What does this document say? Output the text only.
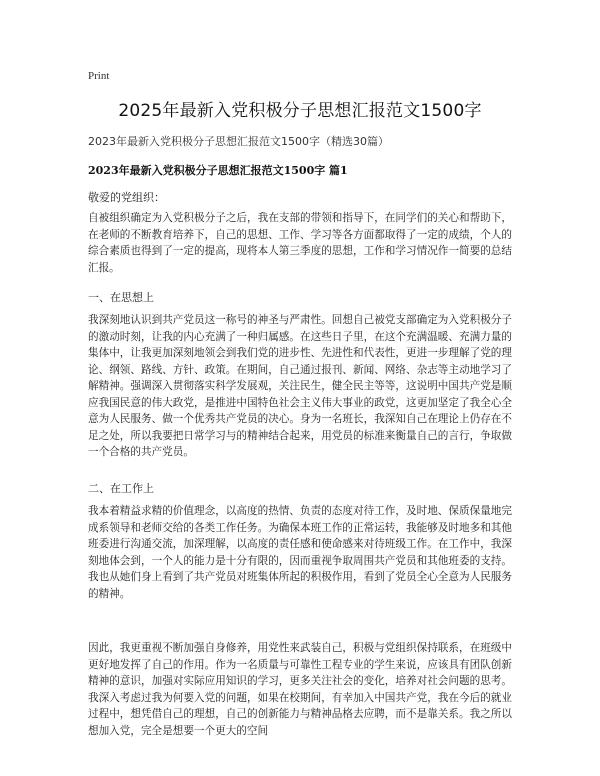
Print
2025年最新入党积极分子思想汇报范文1500字
2023年最新入党积极分子思想汇报范文1500字（精选30篇）
2023年最新入党积极分子思想汇报范文1500字 篇1
敬爱的党组织：

自被组织确定为入党积极分子之后，我在支部的带领和指导下，在同学们的关心和帮助下，在老师的不断教育培养下，自己的思想、工作、学习等各方面都取得了一定的成绩，个人的综合素质也得到了一定的提高，现将本人第三季度的思想，工作和学习情况作一简要的总结汇报。

一、在思想上

我深刻地认识到共产党员这一称号的神圣与严肃性。回想自己被党支部确定为入党积极分子的激动时刻，让我的内心充满了一种归属感。在这些日子里，在这个充满温暖、充满力量的集体中，让我更加深刻地领会到我们党的进步性、先进性和代表性，更进一步理解了党的理论、纲领、路线、方针、政策。在期间，自己通过报刊、新闻、网络、杂志等主动地学习了解精神。强调深入贯彻落实科学发展观，关注民生，健全民主等等，这说明中国共产党是顺应我国民意的伟大政党，是推进中国特色社会主义伟大事业的政党，这更加坚定了我全心全意为人民服务、做一个优秀共产党员的决心。身为一名班长，我深知自己在理论上仍存在不足之处，所以我要把日常学习与的精神结合起来，用党员的标准来衡量自己的言行，争取做一个合格的共产党员。

二、在工作上

我本着精益求精的价值理念，以高度的热情、负责的态度对待工作，及时地、保质保量地完成系领导和老师交给的各类工作任务。为确保本班工作的正常运转，我能够及时地多和其他班委进行沟通交流，加深理解，以高度的责任感和使命感来对待班级工作。在工作中，我深刻地体会到，一个人的能力是十分有限的，因而重视争取周围共产党员和其他班委的支持。我也从她们身上看到了共产党员对班集体所起的积极作用，看到了党员全心全意为人民服务的精神。

因此，我更重视不断加强自身修养，用党性来武装自己，积极与党组织保持联系，在班级中更好地发挥了自己的作用。作为一名质量与可靠性工程专业的学生来说，应该具有团队创新精神的意识，加强对实际应用知识的学习，更多关注社会的变化，培养对社会问题的思考。我深入考虑过我为何要入党的问题，如果在校期间，有幸加入中国共产党，我在今后的就业过程中，想凭借自己的理想，自己的创新能力与精神品格去应聘，而不是靠关系。我之所以想加入党，完全是想要一个更大的空间
